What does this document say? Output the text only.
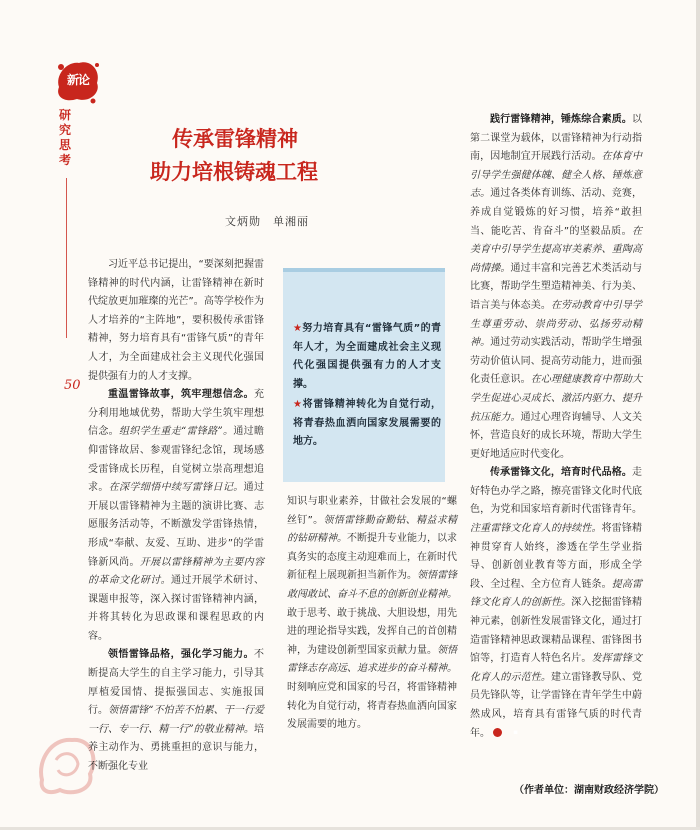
新论
研究思考
50
传承雷锋精神
助力培根铸魂工程
文炳勋　单湘丽

★努力培育具有“雷锋气质”的青年人才，为全面建成社会主义现代化强国提供强有力的人才支撑。

★将雷锋精神转化为自觉行动，将青春热血洒向国家发展需要的地方。

习近平总书记提出，“要深刻把握雷锋精神的时代内涵，让雷锋精神在新时代绽放更加璀璨的光芒”。高等学校作为人才培养的“主阵地”，要积极传承雷锋精神，努力培育具有“雷锋气质”的青年人才，为全面建成社会主义现代化强国提供强有力的人才支撑。

重温雷锋故事，筑牢理想信念。充分利用地域优势，帮助大学生筑牢理想信念。组织学生重走“雷锋路”。通过瞻仰雷锋故居、参观雷锋纪念馆，现场感受雷锋成长历程，自觉树立崇高理想追求。在深学细悟中续写雷锋日记。通过开展以雷锋精神为主题的演讲比赛、志愿服务活动等，不断激发学雷锋热情，形成“奉献、友爱、互助、进步”的学雷锋新风尚。开展以雷锋精神为主要内容的革命文化研讨。通过开展学术研讨、课题申报等，深入探讨雷锋精神内涵，并将其转化为思政课和课程思政的内容。

领悟雷锋品格，强化学习能力。不断提高大学生的自主学习能力，引导其厚植爱国情、提振强国志、实施报国行。领悟雷锋“不怕苦不怕累、干一行爱一行、专一行、精一行”的敬业精神。培养主动作为、勇挑重担的意识与能力，不断强化专业

知识与职业素养，甘做社会发展的“螺丝钉”。领悟雷锋勤奋勤钻、精益求精的钻研精神。不断提升专业能力，以求真务实的态度主动迎难而上，在新时代新征程上展现新担当新作为。领悟雷锋敢闯敢试、奋斗不息的创新创业精神。敢于思考、敢于挑战、大胆设想，用先进的理论指导实践，发挥自己的首创精神，为建设创新型国家贡献力量。领悟雷锋志存高远、追求进步的奋斗精神。时刻响应党和国家的号召，将雷锋精神转化为自觉行动，将青春热血洒向国家发展需要的地方。

践行雷锋精神，锤炼综合素质。以第二课堂为载体，以雷锋精神为行动指南，因地制宜开展践行活动。在体育中引导学生强健体魄、健全人格、锤炼意志。通过各类体育训练、活动、竞赛，养成自觉锻炼的好习惯，培养“敢担当、能吃苦、肯奋斗”的坚毅品质。在美育中引导学生提高审美素养、重陶高尚情操。通过丰富和完善艺术类活动与比赛，帮助学生塑造精神美、行为美、语言美与体态美。在劳动教育中引导学生尊重劳动、崇尚劳动、弘扬劳动精神。通过劳动实践活动，帮助学生增强劳动价值认同、提高劳动能力，进而强化责任意识。在心理健康教育中帮助大学生促进心灵成长、激活内驱力、提升抗压能力。通过心理咨询辅导、人文关怀，营造良好的成长环境，帮助大学生更好地适应时代变化。

传承雷锋文化，培育时代品格。走好特色办学之路，擦亮雷锋文化时代底色，为党和国家培育新时代雷锋青年。注重雷锋文化育人的持续性。将雷锋精神贯穿育人始终，渗透在学生学业指导、创新创业教育等方面，形成全学段、全过程、全方位育人链条。提高雷锋文化育人的创新性。深入挖掘雷锋精神元素，创新性发展雷锋文化，通过打造雷锋精神思政课精品课程、雷锋图书馆等，打造育人特色名片。发挥雷锋文化育人的示范性。建立雷锋教导队、党员先锋队等，让学雷锋在青年学生中蔚然成风，培育具有雷锋气质的时代青年。	▪

（作者单位：湖南财政经济学院）
